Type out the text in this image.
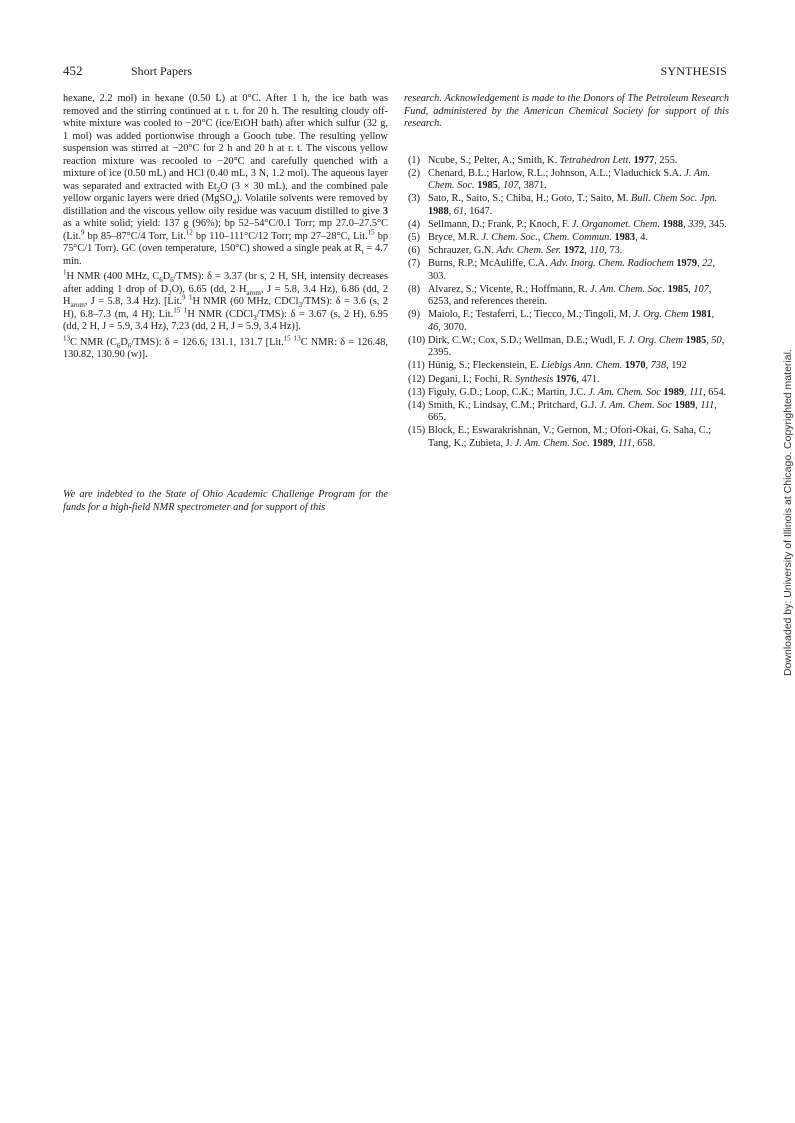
452	Short Papers	SYNTHESIS

hexane, 2.2 mol) in hexane (0.50 L) at 0°C. After 1 h, the ice bath was removed and the stirring continued at r. t. for 20 h. The resulting cloudy off-white mixture was cooled to −20°C (ice/EtOH bath) after which sulfur (32 g, 1 mol) was added portionwise through a Gooch tube. The resulting yellow suspension was stirred at −20°C for 2 h and 20 h at r. t. The viscous yellow reaction mixture was recooled to −20°C and carefully quenched with a mixture of ice (0.50 mL) and HCl (0.40 mL, 3 N, 1.2 mol). The aqueous layer was separated and extracted with $Et_2O$ (3 × 30 mL), and the combined pale yellow organic layers were dried (MgSO$_4$). Volatile solvents were removed by distillation and the viscous yellow oily residue was vacuum distilled to give 3 as a white solid; yield: 137 g (96%); bp 52–54°C/0.1 Torr; mp 27.0–27.5°C (Lit.$^9$ bp 85–87°C/4 Torr, Lit.$^{12}$ bp 110–111°C/12 Torr; mp 27–28°C, Lit.$^{15}$ bp 75°C/1 Torr). GC (oven temperature, 150°C) showed a single peak at $R_t = 4.7$ min.

$^1$H NMR (400 MHz, $C_6D_6/TMS$): δ = 3.37 (br s, 2 H, SH, intensity decreases after adding 1 drop of $D_2O$), 6.65 (dd, 2 $H_{arom}$, J = 5.8, 3.4 Hz), 6.86 (dd, 2 $H_{arom}$, J = 5.8, 3.4 Hz). [Lit.$^9$ $^1$H NMR (60 MHz, CDCl$_3$/TMS): δ = 3.6 (s, 2 H), 6.8–7.3 (m, 4 H); Lit.$^{15}$ $^1$H NMR (CDCl$_3$/TMS): δ = 3.67 (s, 2 H), 6.95 (dd, 2 H, J = 5.9, 3.4 Hz), 7.23 (dd, 2 H, J = 5.9, 3.4 Hz)].

$^{13}$C NMR $(C_6D_6/TMS)$: δ = 126.6, 131.1, 131.7 [Lit.$^{15}$ $^{13}$C NMR: δ = 126.48, 130.82, 130.90 (w)].

We are indebted to the State of Ohio Academic Challenge Program for the funds for a high-field NMR spectrometer and for support of this

research. Acknowledgement is made to the Donors of The Petroleum Research Fund, administered by the American Chemical Society for support of this research.

(1) Ncube, S.; Pelter, A.; Smith, K. Tetrahedron Lett. 1977, 255.
(2) Chenard, B.L.; Harlow, R.L.; Johnson, A.L.; Vladuchick S.A. J. Am. Chem. Soc. 1985, 107, 3871.
(3) Sato, R., Saito, S.; Chiba, H.; Goto, T.; Saito, M. Bull. Chem Soc. Jpn. 1988, 61, 1647.
(4) Sellmann, D.; Frank, P.; Knoch, F. J. Organomet. Chem. 1988, 339, 345.
(5) Bryce, M.R. J. Chem. Soc., Chem. Commun. 1983, 4.
(6) Schrauzer, G.N. Adv. Chem. Ser. 1972, 110, 73.
(7) Burns, R.P.; McAuliffe, C.A. Adv. Inorg. Chem. Radiochem 1979, 22, 303.
(8) Alvarez, S.; Vicente, R.; Hoffmann, R. J. Am. Chem. Soc. 1985, 107, 6253, and references therein.
(9) Maiolo, F.; Testaferri, L.; Tiecco, M.; Tingoli, M. J. Org. Chem 1981, 46, 3070.
(10) Dirk, C.W.; Cox, S.D.; Wellman, D.E.; Wudl, F. J. Org. Chem 1985, 50, 2395.
(11) Hünig, S.; Fleckenstein, E. Liebigs Ann. Chem. 1970, 738, 192
(12) Degani, I.; Fochi, R. Synthesis 1976, 471.
(13) Figuly, G.D.; Loop, C.K.; Martin, J.C. J. Am. Chem. Soc 1989, 111, 654.
(14) Smith, K.; Lindsay, C.M.; Pritchard, G.J. J. Am. Chem. Soc 1989, 111, 665.
(15) Block, E.; Eswarakrishnan, V.; Gernon, M.; Ofori-Okai, G. Saha, C.; Tang, K.; Zubieta, J. J. Am. Chem. Soc. 1989, 111, 658.	Downloaded by: University of Illinois at Chicago. Copyrighted material.
